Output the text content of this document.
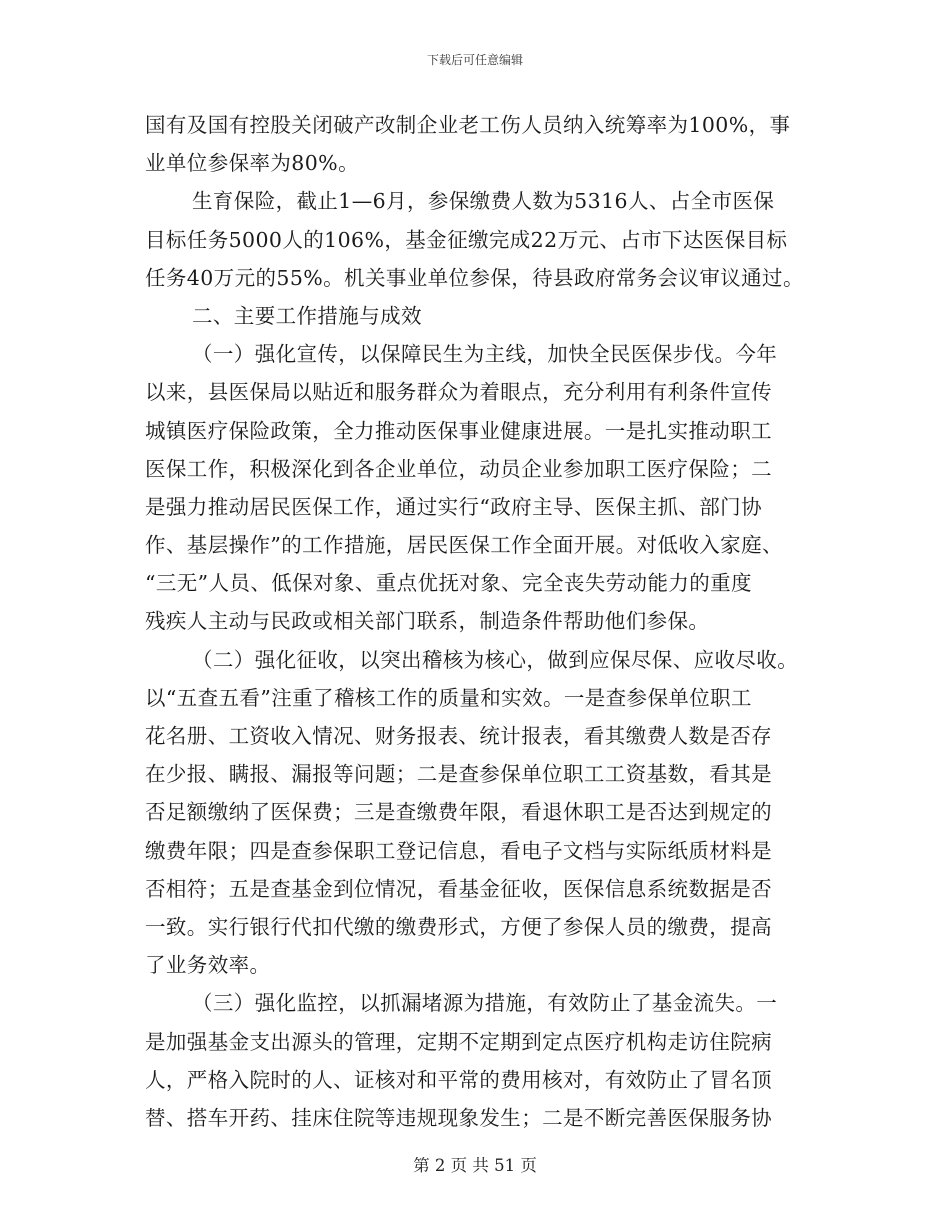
下载后可任意编辑
国有及国有控股关闭破产改制企业老工伤人员纳入统筹率为100%，事
业单位参保率为80%。
生育保险，截止1—6月，参保缴费人数为5316人、占全市医保
目标任务5000人的106%，基金征缴完成22万元、占市下达医保目标
任务40万元的55%。机关事业单位参保，待县政府常务会议审议通过。
二、主要工作措施与成效
（一）强化宣传，以保障民生为主线，加快全民医保步伐。今年
以来，县医保局以贴近和服务群众为着眼点，充分利用有利条件宣传
城镇医疗保险政策，全力推动医保事业健康进展。一是扎实推动职工
医保工作，积极深化到各企业单位，动员企业参加职工医疗保险；二
是强力推动居民医保工作，通过实行“政府主导、医保主抓、部门协
作、基层操作”的工作措施，居民医保工作全面开展。对低收入家庭、
“三无”人员、低保对象、重点优抚对象、完全丧失劳动能力的重度
残疾人主动与民政或相关部门联系，制造条件帮助他们参保。
（二）强化征收，以突出稽核为核心，做到应保尽保、应收尽收。
以“五查五看”注重了稽核工作的质量和实效。一是查参保单位职工
花名册、工资收入情况、财务报表、统计报表，看其缴费人数是否存
在少报、瞒报、漏报等问题；二是查参保单位职工工资基数，看其是
否足额缴纳了医保费；三是查缴费年限，看退休职工是否达到规定的
缴费年限；四是查参保职工登记信息，看电子文档与实际纸质材料是
否相符；五是查基金到位情况，看基金征收，医保信息系统数据是否
一致。实行银行代扣代缴的缴费形式，方便了参保人员的缴费，提高
了业务效率。
（三）强化监控，以抓漏堵源为措施，有效防止了基金流失。一
是加强基金支出源头的管理，定期不定期到定点医疗机构走访住院病
人，严格入院时的人、证核对和平常的费用核对，有效防止了冒名顶
替、搭车开药、挂床住院等违规现象发生；二是不断完善医保服务协
第 2 页 共 51 页
